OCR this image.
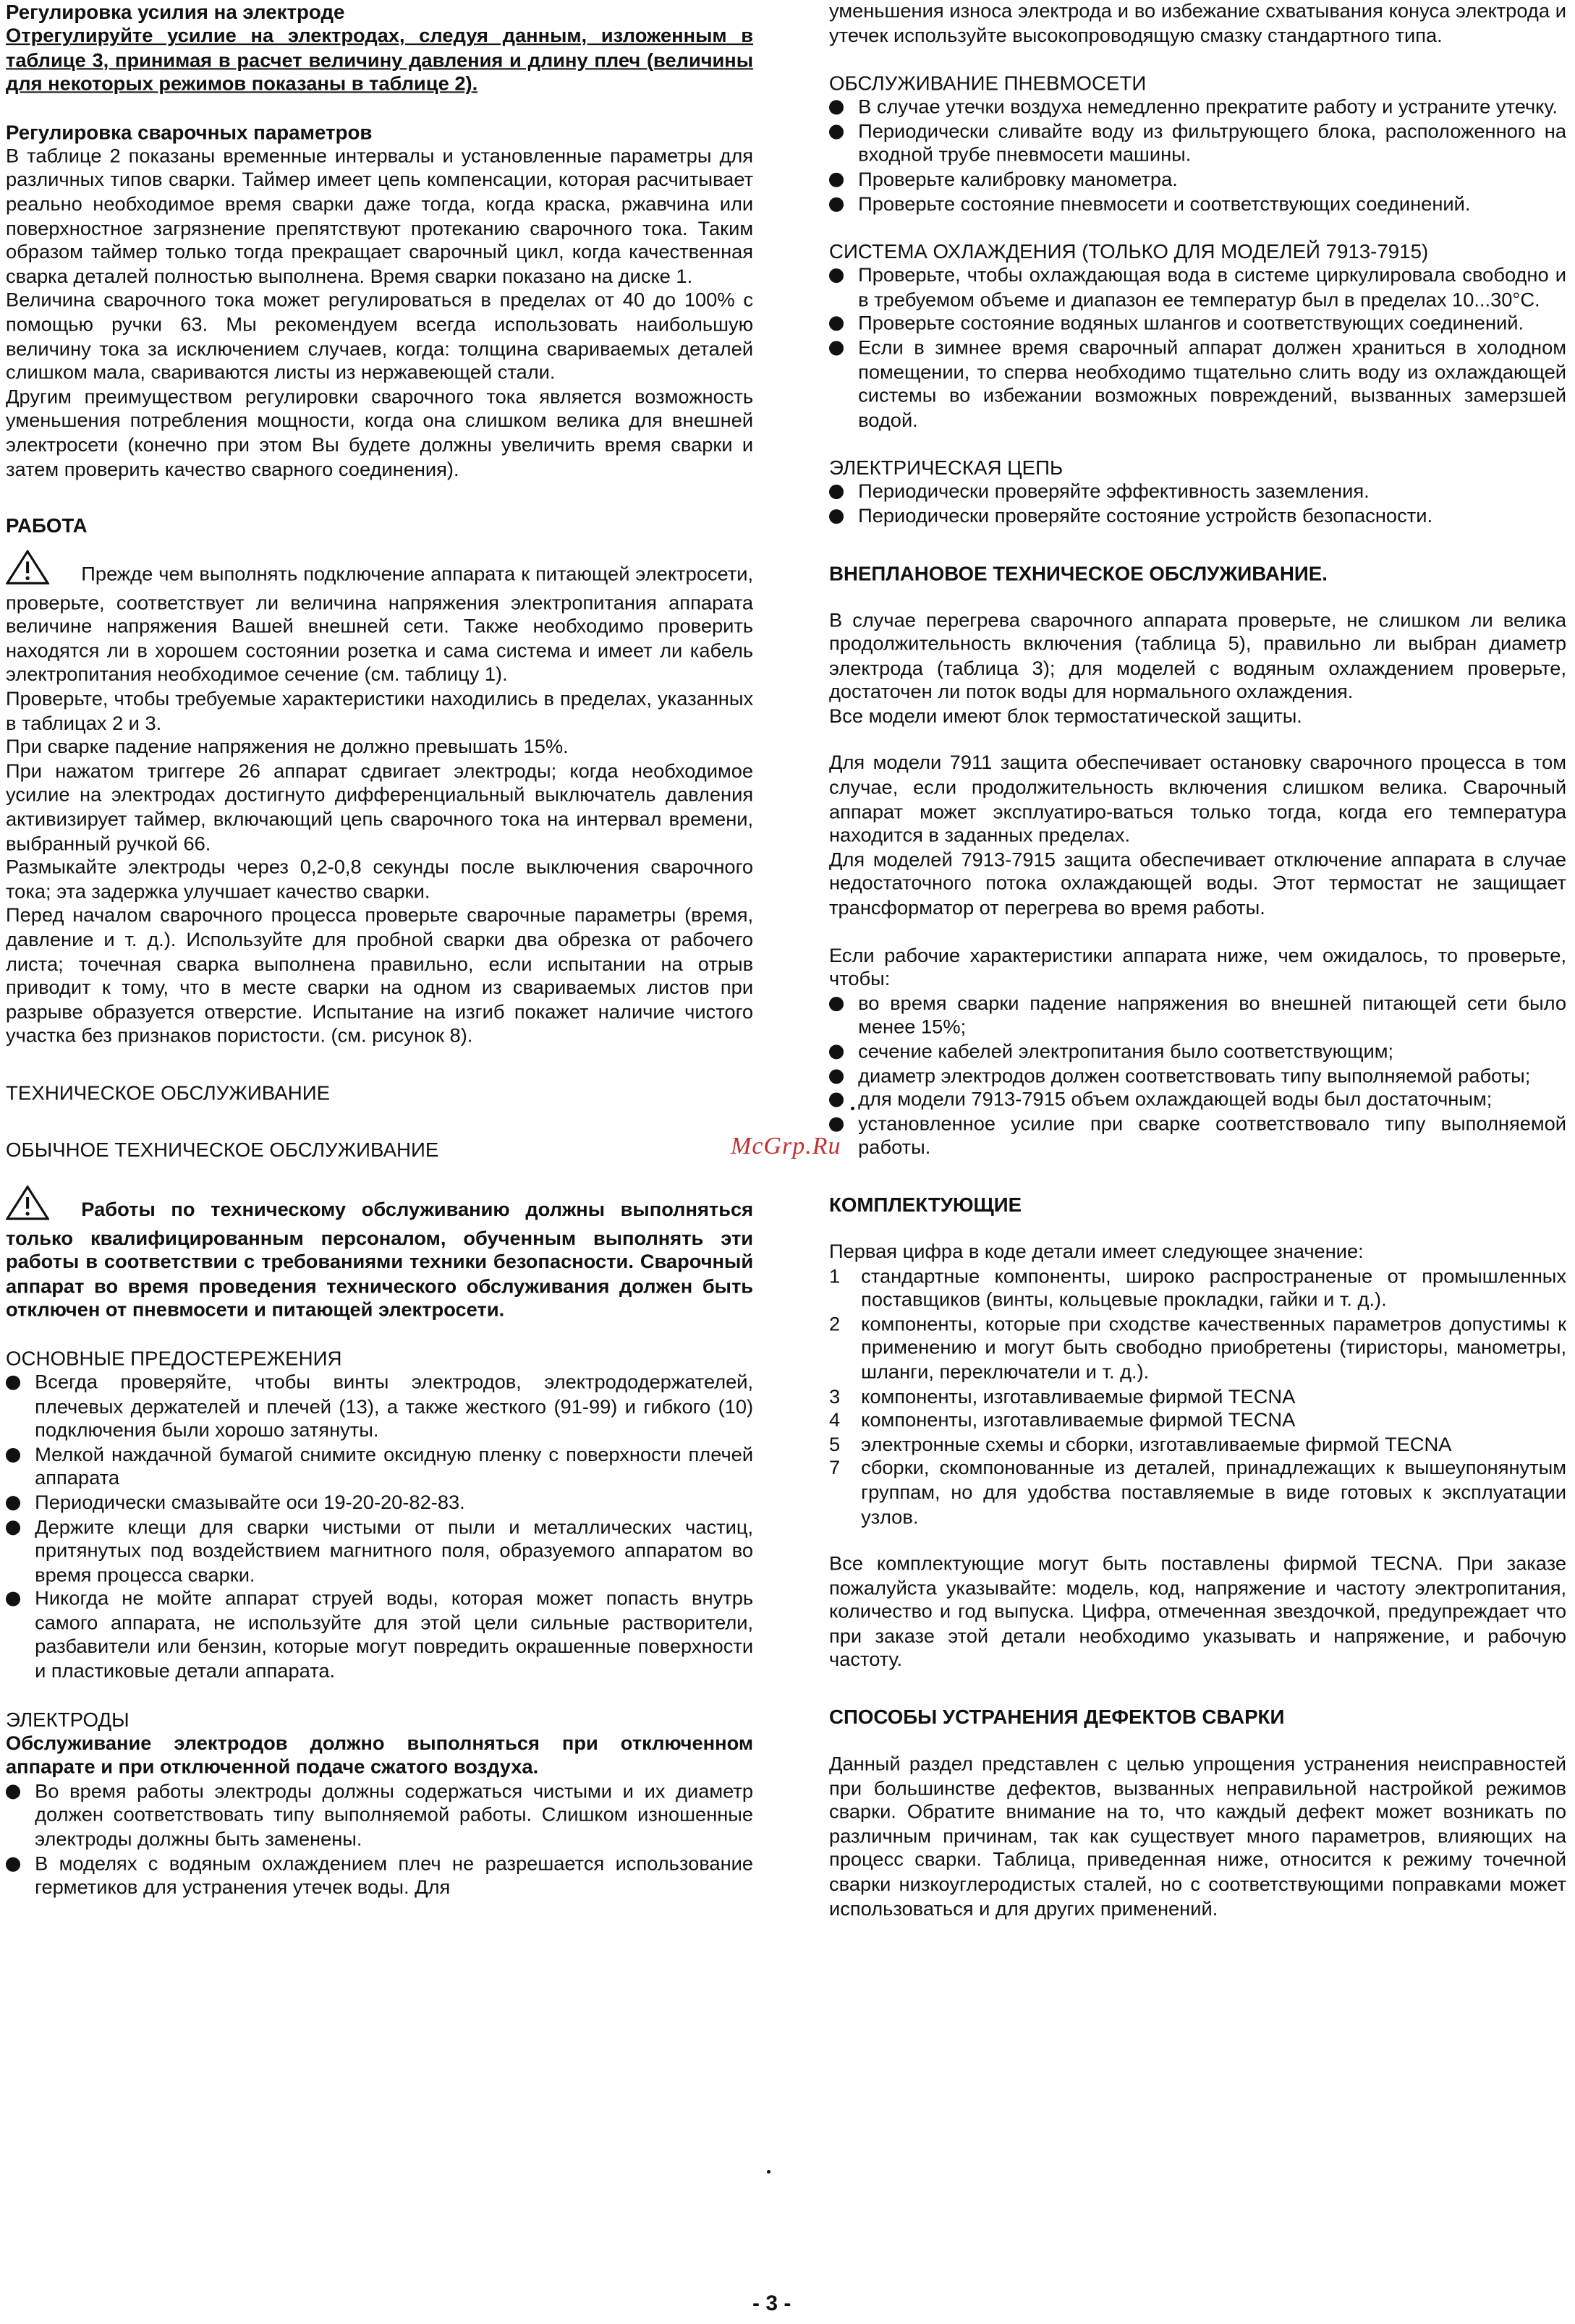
Регулировка усилия на электроде

Отрегулируйте усилие на электродах, следуя данным, изложенным в таблице 3, принимая в расчет величину давления и длину плеч (величины для некоторых режимов показаны в таблице 2).

Регулировка сварочных параметров

В таблице 2 показаны временные интервалы и установленные параметры для различных типов сварки. Таймер имеет цепь компенсации, которая расчитывает реально необходимое время сварки даже тогда, когда краска, ржавчина или поверхностное загрязнение препятствуют протеканию сварочного тока. Таким образом таймер только тогда прекращает сварочный цикл, когда качественная сварка деталей полностью выполнена. Время сварки показано на диске 1.

Величина сварочного тока может регулироваться в пределах от 40 до 100% с помощью ручки 63. Мы рекомендуем всегда использовать наибольшую величину тока за исключением случаев, когда: толщина свариваемых деталей слишком мала, свариваются листы из нержавеющей стали.

Другим преимуществом регулировки сварочного тока является возможность уменьшения потребления мощности, когда она слишком велика для внешней электросети (конечно при этом Вы будете должны увеличить время сварки и затем проверить качество сварного соединения).

РАБОТА

Прежде чем выполнять подключение аппарата к питающей электросети, проверьте, соответствует ли величина напряжения электропитания аппарата величине напряжения Вашей внешней сети. Также необходимо проверить находятся ли в хорошем состоянии розетка и сама система и имеет ли кабель электропитания необходимое сечение (см. таблицу 1).

Проверьте, чтобы требуемые характеристики находились в пределах, указанных в таблицах 2 и 3.

При сварке падение напряжения не должно превышать 15%.

При нажатом триггере 26 аппарат сдвигает электроды; когда необходимое усилие на электродах достигнуто дифференциальный выключатель давления активизирует таймер, включающий цепь сварочного тока на интервал времени, выбранный ручкой 66.

Размыкайте электроды через 0,2-0,8 секунды после выключения сварочного тока; эта задержка улучшает качество сварки.

Перед началом сварочного процесса проверьте сварочные параметры (время, давление и т. д.). Используйте для пробной сварки два обрезка от рабочего листа; точечная сварка выполнена правильно, если испытании на отрыв приводит к тому, что в месте сварки на одном из свариваемых листов при разрыве образуется отверстие. Испытание на изгиб покажет наличие чистого участка без признаков пористости. (см. рисунок 8).

ТЕХНИЧЕСКОЕ ОБСЛУЖИВАНИЕ

ОБЫЧНОЕ ТЕХНИЧЕСКОЕ ОБСЛУЖИВАНИЕ

Работы по техническому обслуживанию должны выполняться только квалифицированным персоналом, обученным выполнять эти работы в соответствии с требованиями техники безопасности. Сварочный аппарат во время проведения технического обслуживания должен быть отключен от пневмосети и питающей электросети.

ОСНОВНЫЕ ПРЕДОСТЕРЕЖЕНИЯ

Всегда проверяйте, чтобы винты электродов, электрододержателей, плечевых держателей и плечей (13), а также жесткого (91-99) и гибкого (10) подключения были хорошо затянуты.
Мелкой наждачной бумагой снимите оксидную пленку с поверхности плечей аппарата
Периодически смазывайте оси 19-20-20-82-83.
Держите клещи для сварки чистыми от пыли и металлических частиц, притянутых под воздействием магнитного поля, образуемого аппаратом во время процесса сварки.
Никогда не мойте аппарат струей воды, которая может попасть внутрь самого аппарата, не используйте для этой цели сильные растворители, разбавители или бензин, которые могут повредить окрашенные поверхности и пластиковые детали аппарата.

ЭЛЕКТРОДЫ

Обслуживание электродов должно выполняться при отключенном аппарате и при отключенной подаче сжатого воздуха.

Во время работы электроды должны содержаться чистыми и их диаметр должен соответствовать типу выполняемой работы. Слишком изношенные электроды должны быть заменены.
В моделях с водяным охлаждением плеч не разрешается использование герметиков для устранения утечек воды. Для

уменьшения износа электрода и во избежание схватывания конуса электрода и утечек используйте высокопроводящую смазку стандартного типа.

ОБСЛУЖИВАНИЕ ПНЕВМОСЕТИ

В случае утечки воздуха немедленно прекратите работу и устраните утечку.
Периодически сливайте воду из фильтрующего блока, расположенного на входной трубе пневмосети машины.
Проверьте калибровку манометра.
Проверьте состояние пневмосети и соответствующих соединений.

СИСТЕМА ОХЛАЖДЕНИЯ (ТОЛЬКО ДЛЯ МОДЕЛЕЙ 7913-7915)

Проверьте, чтобы охлаждающая вода в системе циркулировала свободно и в требуемом объеме и диапазон ее температур был в пределах 10...30°С.
Проверьте состояние водяных шлангов и соответствующих соединений.
Если в зимнее время сварочный аппарат должен храниться в холодном помещении, то сперва необходимо тщательно слить воду из охлаждающей системы во избежании возможных повреждений, вызванных замерзшей водой.

ЭЛЕКТРИЧЕСКАЯ ЦЕПЬ

Периодически проверяйте эффективность заземления.
Периодически проверяйте состояние устройств безопасности.

ВНЕПЛАНОВОЕ ТЕХНИЧЕСКОЕ ОБСЛУЖИВАНИЕ.

В случае перегрева сварочного аппарата проверьте, не слишком ли велика продолжительность включения (таблица 5), правильно ли выбран диаметр электрода (таблица 3); для моделей с водяным охлаждением проверьте, достаточен ли поток воды для нормального охлаждения.

Все модели имеют блок термостатической защиты.

Для модели 7911 защита обеспечивает остановку сварочного процесса в том случае, если продолжительность включения слишком велика. Сварочный аппарат может эксплуатиро-ваться только тогда, когда его температура находится в заданных пределах.

Для моделей 7913-7915 защита обеспечивает отключение аппарата в случае недостаточного потока охлаждающей воды. Этот термостат не защищает трансформатор от перегрева во время работы.

Если рабочие характеристики аппарата ниже, чем ожидалось, то проверьте, чтобы:

во время сварки падение напряжения во внешней питающей сети было менее 15%;
сечение кабелей электропитания было соответствующим;
диаметр электродов должен соответствовать типу выполняемой работы;
для модели 7913-7915 объем охлаждающей воды был достаточным;
установленное усилие при сварке соответствовало типу выполняемой работы.

КОМПЛЕКТУЮЩИЕ

Первая цифра в коде детали имеет следующее значение:

1 стандартные компоненты, широко распространеные от промышленных поставщиков (винты, кольцевые прокладки, гайки и т. д.).
2 компоненты, которые при сходстве качественных параметров допустимы к применению и могут быть свободно приобретены (тиристоры, манометры, шланги, переключатели и т. д.).
3 компоненты, изготавливаемые фирмой TECNA
4 компоненты, изготавливаемые фирмой TECNA
5 электронные схемы и сборки, изготавливаемые фирмой TECNA
7 сборки, скомпонованные из деталей, принадлежащих к вышеупонянутым группам, но для удобства поставляемые в виде готовых к эксплуатации узлов.

Все комплектующие могут быть поставлены фирмой TECNA. При заказе пожалуйста указывайте: модель, код, напряжение и частоту электропитания, количество и год выпуска. Цифра, отмеченная звездочкой, предупреждает что при заказе этой детали необходимо указывать и напряжение, и рабочую частоту.

СПОСОБЫ УСТРАНЕНИЯ ДЕФЕКТОВ СВАРКИ

Данный раздел представлен с целью упрощения устранения неисправностей при большинстве дефектов, вызванных неправильной настройкой режимов сварки. Обратите внимание на то, что каждый дефект может возникать по различным причинам, так как существует много параметров, влияющих на процесс сварки. Таблица, приведенная ниже, относится к режиму точечной сварки низкоуглеродистых сталей, но с соответствующими поправками может использоваться и для других применений.

McGrp.Ru
- 3 -
